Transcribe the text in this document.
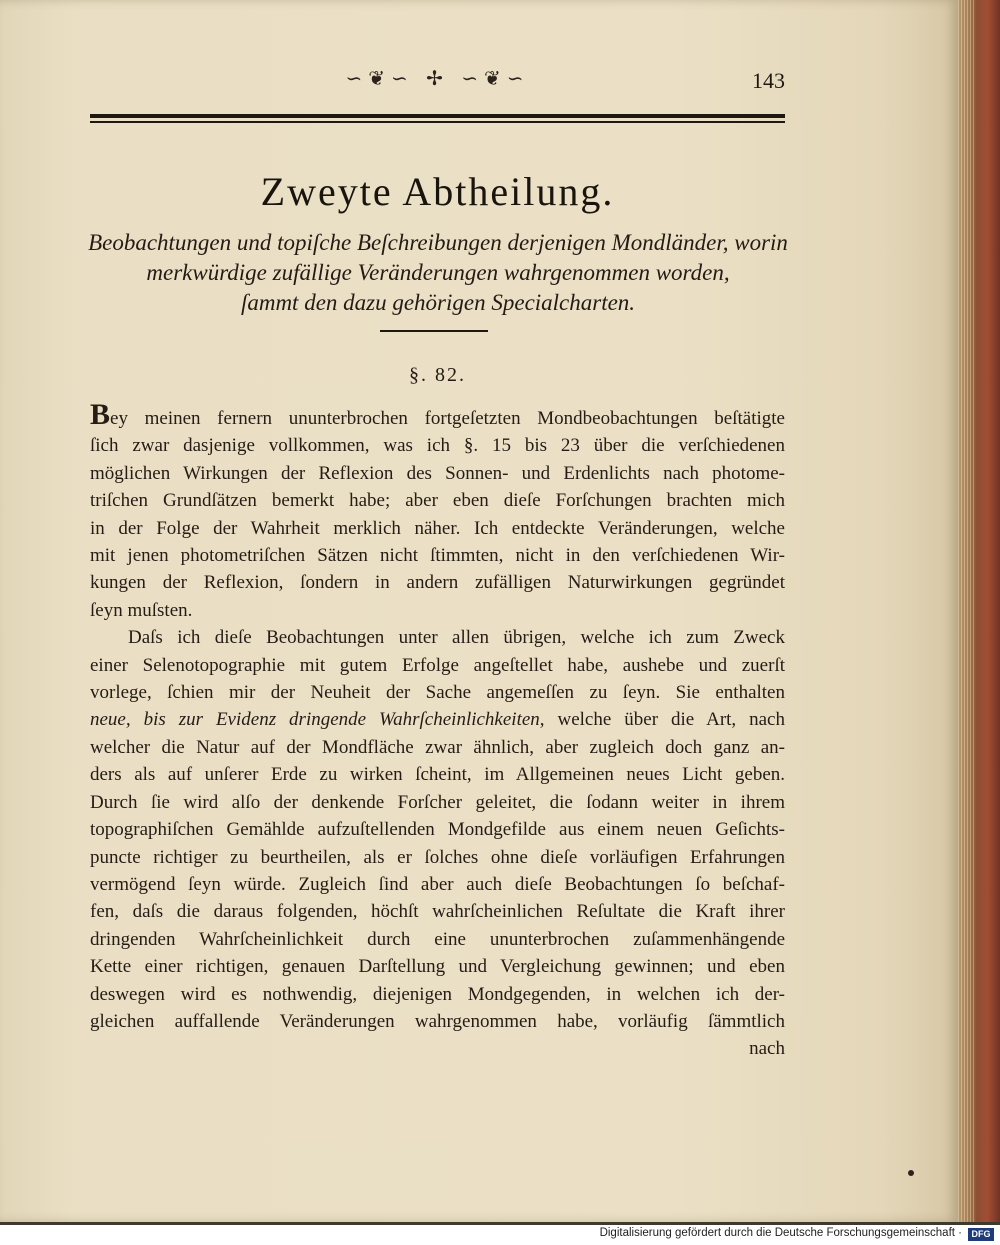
∽❦∽ ✢ ∽❦∽	143
Zweyte Abtheilung.
Beobachtungen und topiſche Beſchreibungen derjenigen Mondländer, worin
merkwürdige zufällige Veränderungen wahrgenommen worden,
ſammt den dazu gehörigen Specialcharten.
§. 82.
Bey meinen fernern ununterbrochen fortgeſetzten Mondbeobachtungen beſtätigte
ſich zwar dasjenige vollkommen, was ich §. 15 bis 23 über die verſchiedenen
möglichen Wirkungen der Reflexion des Sonnen- und Erdenlichts nach photome-
triſchen Grundſätzen bemerkt habe; aber eben dieſe Forſchungen brachten mich
in der Folge der Wahrheit merklich näher. Ich entdeckte Veränderungen, welche
mit jenen photometriſchen Sätzen nicht ſtimmten, nicht in den verſchiedenen Wir-
kungen der Reflexion, ſondern in andern zufälligen Naturwirkungen gegründet
ſeyn muſsten.
Daſs ich dieſe Beobachtungen unter allen übrigen, welche ich zum Zweck
einer Selenotopographie mit gutem Erfolge angeſtellet habe, aushebe und zuerſt
vorlege, ſchien mir der Neuheit der Sache angemeſſen zu ſeyn. Sie enthalten
neue, bis zur Evidenz dringende Wahrſcheinlichkeiten, welche über die Art, nach
welcher die Natur auf der Mondfläche zwar ähnlich, aber zugleich doch ganz an-
ders als auf unſerer Erde zu wirken ſcheint, im Allgemeinen neues Licht geben.
Durch ſie wird alſo der denkende Forſcher geleitet, die ſodann weiter in ihrem
topographiſchen Gemählde aufzuſtellenden Mondgefilde aus einem neuen Geſichts-
puncte richtiger zu beurtheilen, als er ſolches ohne dieſe vorläufigen Erfahrungen
vermögend ſeyn würde. Zugleich ſind aber auch dieſe Beobachtungen ſo beſchaf-
fen, daſs die daraus folgenden, höchſt wahrſcheinlichen Reſultate die Kraft ihrer
dringenden Wahrſcheinlichkeit durch eine ununterbrochen zuſammenhängende
Kette einer richtigen, genauen Darſtellung und Vergleichung gewinnen; und eben
deswegen wird es nothwendig, diejenigen Mondgegenden, in welchen ich der-
gleichen auffallende Veränderungen wahrgenommen habe, vorläufig ſämmtlich
nach
Digitalisierung gefördert durch die Deutsche Forschungsgemeinschaft ·	DFG
